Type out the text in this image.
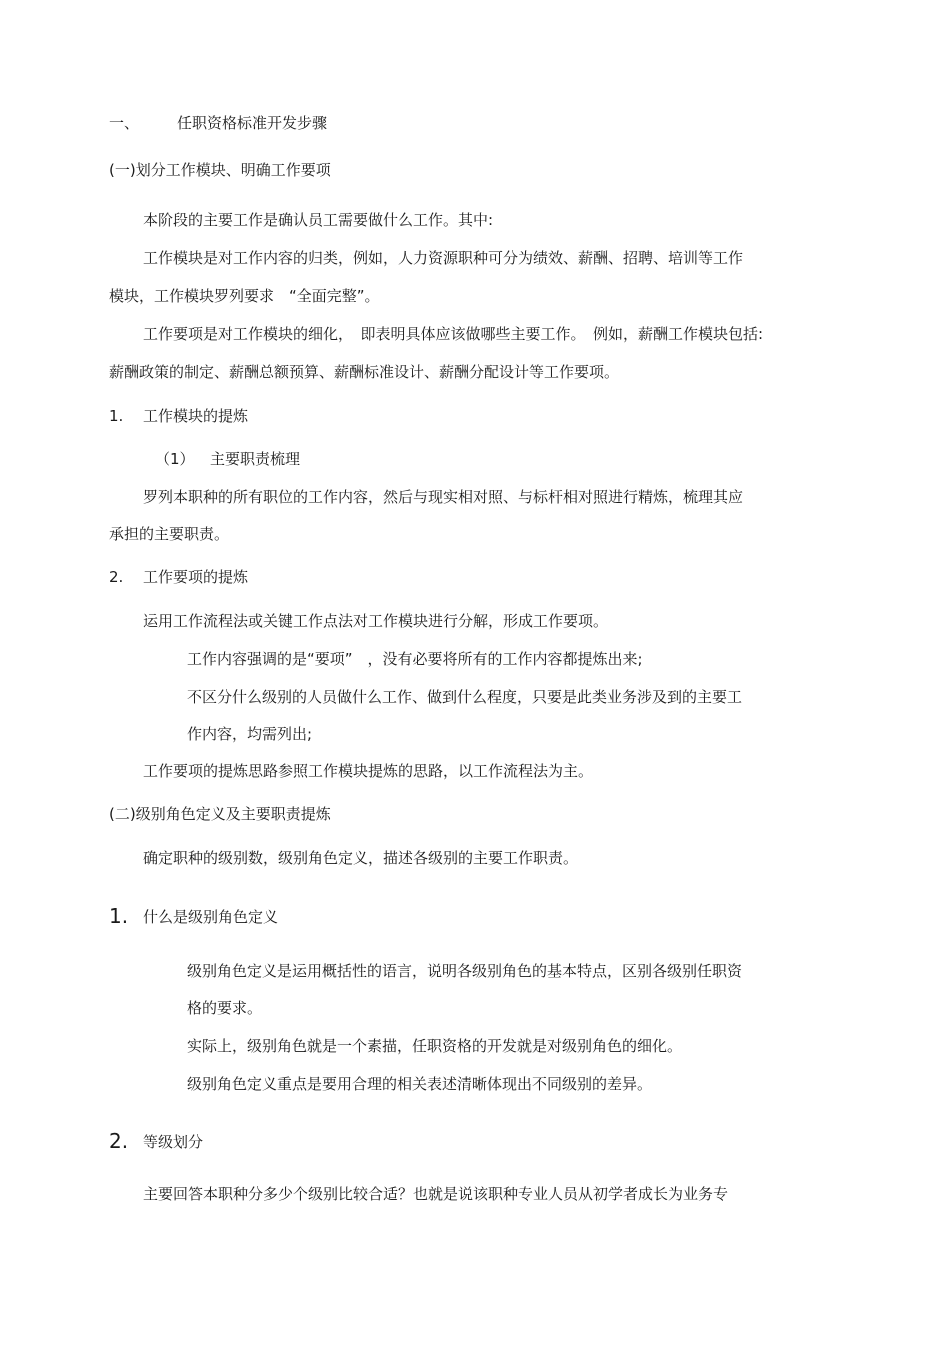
一、	任职资格标准开发步骤
(一)划分工作模块、明确工作要项
本阶段的主要工作是确认员工需要做什么工作。其中:
工作模块是对工作内容的归类，例如，人力资源职种可分为绩效、薪酬、招聘、培训等工作
模块，工作模块罗列要求　“全面完整”。
工作要项是对工作模块的细化，　即表明具体应该做哪些主要工作。　例如，薪酬工作模块包括:
薪酬政策的制定、薪酬总额预算、薪酬标准设计、薪酬分配设计等工作要项。
1. 工作模块的提炼
（1） 主要职责梳理
罗列本职种的所有职位的工作内容，然后与现实相对照、与标杆相对照进行精炼，梳理其应
承担的主要职责。
2. 工作要项的提炼
运用工作流程法或关键工作点法对工作模块进行分解，形成工作要项。
工作内容强调的是“要项”　，没有必要将所有的工作内容都提炼出来;
不区分什么级别的人员做什么工作、做到什么程度，只要是此类业务涉及到的主要工
作内容，均需列出;
工作要项的提炼思路参照工作模块提炼的思路，以工作流程法为主。
(二)级别角色定义及主要职责提炼
确定职种的级别数，级别角色定义，描述各级别的主要工作职责。
1. 什么是级别角色定义
级别角色定义是运用概括性的语言，说明各级别角色的基本特点，区别各级别任职资
格的要求。
实际上，级别角色就是一个素描，任职资格的开发就是对级别角色的细化。
级别角色定义重点是要用合理的相关表述清晰体现出不同级别的差异。
2. 等级划分
主要回答本职种分多少个级别比较合适？也就是说该职种专业人员从初学者成长为业务专
